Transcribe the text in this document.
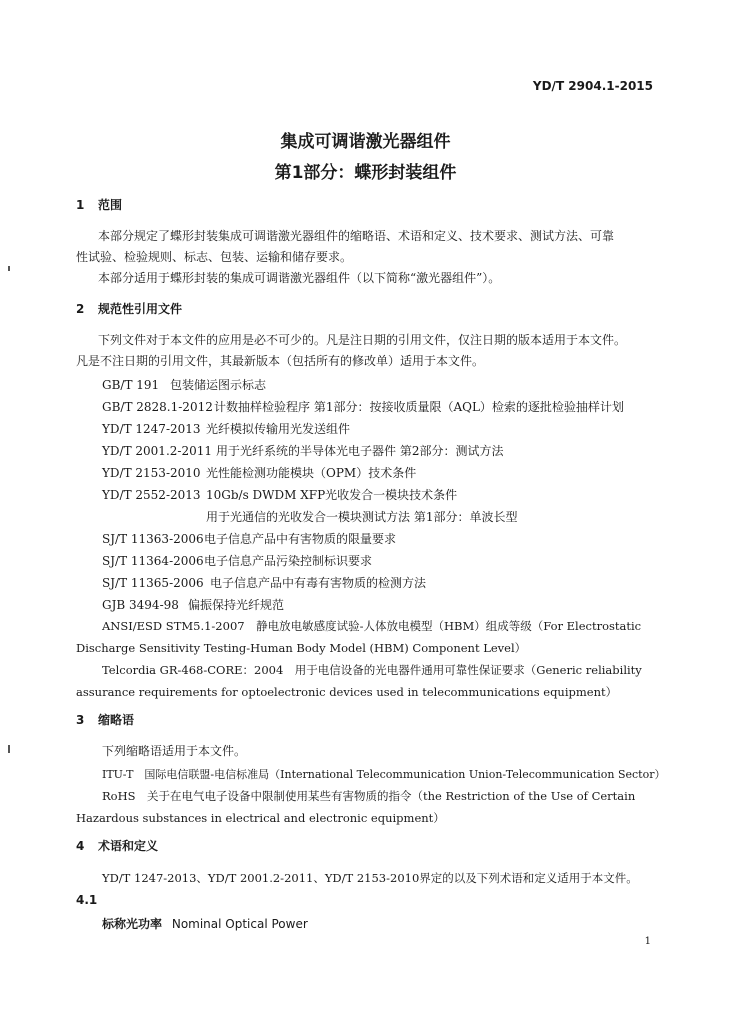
YD/T 2904.1-2015
集成可调谐激光器组件
第1部分：蝶形封装组件
1 范围
本部分规定了蝶形封装集成可调谐激光器组件的缩略语、术语和定义、技术要求、测试方法、可靠
性试验、检验规则、标志、包装、运输和储存要求。
本部分适用于蝶形封装的集成可调谐激光器组件（以下简称“激光器组件”）。
2 规范性引用文件
下列文件对于本文件的应用是必不可少的。凡是注日期的引用文件，仅注日期的版本适用于本文件。
凡是不注日期的引用文件，其最新版本（包括所有的修改单）适用于本文件。
GB/T 191 包装储运图示标志
GB/T 2828.1-2012计数抽样检验程序 第1部分：按接收质量限（AQL）检索的逐批检验抽样计划
YD/T 1247-2013 光纤模拟传输用光发送组件
YD/T 2001.2-2011 用于光纤系统的半导体光电子器件 第2部分：测试方法
YD/T 2153-2010 光性能检测功能模块（OPM）技术条件
YD/T 2552-2013 10Gb/s DWDM XFP光收发合一模块技术条件
用于光通信的光收发合一模块测试方法 第1部分：单波长型
SJ/T 11363-2006电子信息产品中有害物质的限量要求
SJ/T 11364-2006电子信息产品污染控制标识要求
SJ/T 11365-2006 电子信息产品中有毒有害物质的检测方法
GJB 3494-98 偏振保持光纤规范
ANSI/ESD STM5.1-2007　静电放电敏感度试验-人体放电模型（HBM）组成等级（For Electrostatic
Discharge Sensitivity Testing-Human Body Model (HBM) Component Level）
Telcordia GR-468-CORE：2004　用于电信设备的光电器件通用可靠性保证要求（Generic reliability
assurance requirements for optoelectronic devices used in telecommunications equipment）
3 缩略语
下列缩略语适用于本文件。
ITU-T　国际电信联盟-电信标准局（International Telecommunication Union-Telecommunication Sector）
RoHS　关于在电气电子设备中限制使用某些有害物质的指令（the Restriction of the Use of Certain
Hazardous substances in electrical and electronic equipment）
4 术语和定义
YD/T 1247-2013、YD/T 2001.2-2011、YD/T 2153-2010界定的以及下列术语和定义适用于本文件。
4.1
标称光功率 Nominal Optical Power
1
